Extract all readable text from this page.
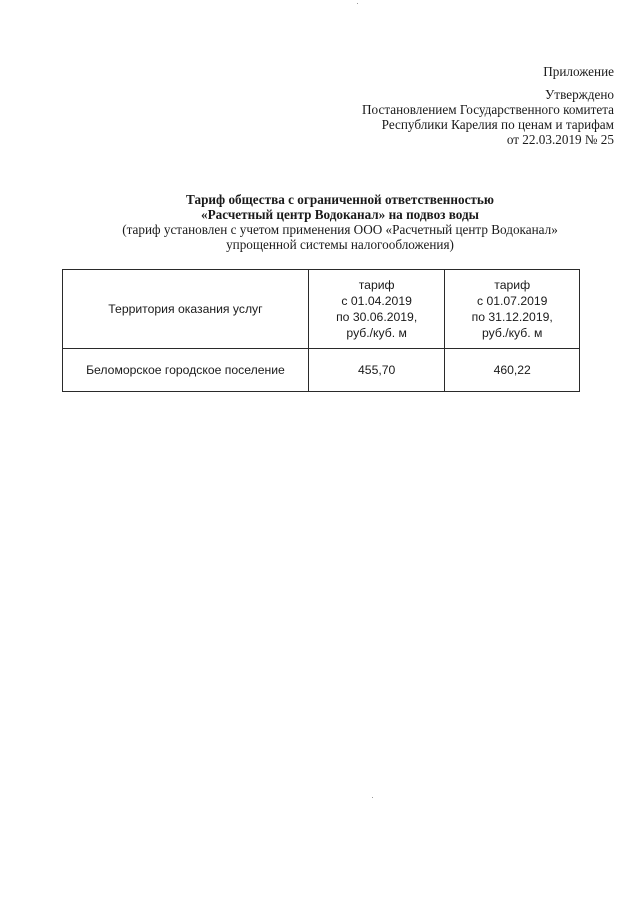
Приложение
Утверждено
Постановлением Государственного комитета
Республики Карелия по ценам и тарифам
от 22.03.2019 № 25
Тариф общества с ограниченной ответственностью
«Расчетный центр Водоканал» на подвоз воды
(тариф установлен с учетом применения ООО «Расчетный центр Водоканал»
упрощенной системы налогообложения)
Территория оказания услуг	тариф
с 01.04.2019
по 30.06.2019,
руб./куб. м	тариф
с 01.07.2019
по 31.12.2019,
руб./куб. м

Беломорское городское поселение	455,70	460,22
